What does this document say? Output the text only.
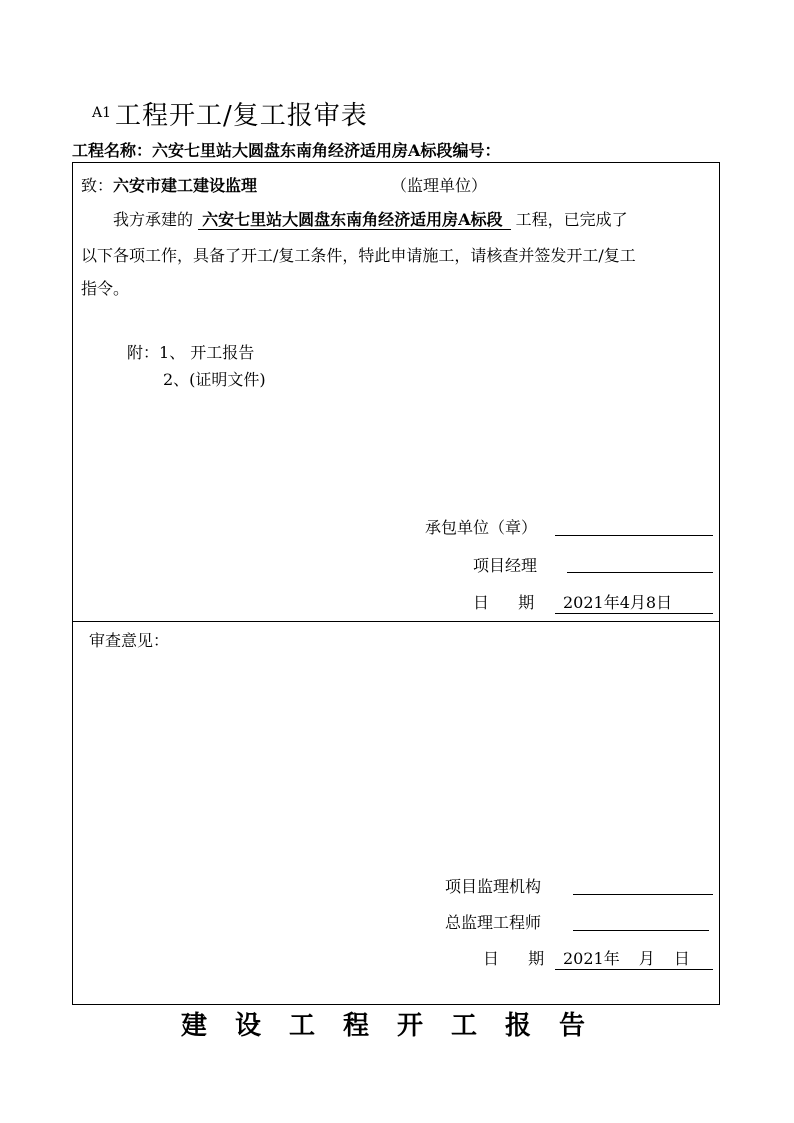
A1 工程开工/复工报审表
工程名称：六安七里站大圆盘东南角经济适用房A标段编号：
致：六安市建工建设监理	（监理单位）
我方承建的 六安七里站大圆盘东南角经济适用房A标段 工程，已完成了
以下各项工作，具备了开工/复工条件，特此申请施工，请核查并签发开工/复工
指令。
附：1、 开工报告
2、(证明文件)
承包单位（章）
项目经理
日 期	2021年4月8日
审查意见：
项目监理机构
总监理工程师
日 期 2021年 月 日
建设工程开工报告
